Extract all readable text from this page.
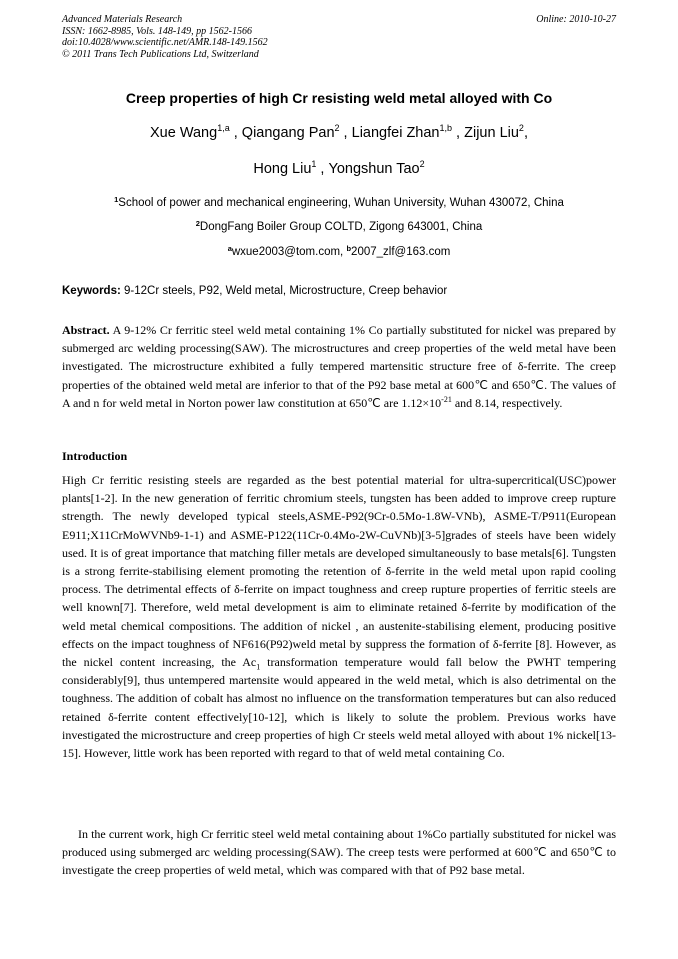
Advanced Materials Research
ISSN: 1662-8985, Vols. 148-149, pp 1562-1566
doi:10.4028/www.scientific.net/AMR.148-149.1562
© 2011 Trans Tech Publications Ltd, Switzerland
Online: 2010-10-27
Creep properties of high Cr resisting weld metal alloyed with Co
Xue Wang$^{1,a}$ , Qiangang Pan$^2$ , Liangfei Zhan$^{1,b}$ , Zijun Liu$^2$,
Hong Liu$^1$ , Yongshun Tao$^2$
$^1$School of power and mechanical engineering, Wuhan University, Wuhan 430072, China
$^2$DongFang Boiler Group COLTD, Zigong 643001, China
$^a$wxue2003@tom.com, $^b$2007_zlf@163.com
Keywords: 9-12Cr steels, P92, Weld metal, Microstructure, Creep behavior
Abstract. A 9-12% Cr ferritic steel weld metal containing 1% Co partially substituted for nickel was prepared by submerged arc welding processing(SAW). The microstructures and creep properties of the weld metal have been investigated. The microstructure exhibited a fully tempered martensitic structure free of δ-ferrite. The creep properties of the obtained weld metal are inferior to that of the P92 base metal at 600℃ and 650℃. The values of A and n for weld metal in Norton power law constitution at 650℃ are $1.12\times 10^{-21}$ and 8.14, respectively.
Introduction
High Cr ferritic resisting steels are regarded as the best potential material for ultra-supercritical(USC)power plants[1-2]. In the new generation of ferritic chromium steels, tungsten has been added to improve creep rupture strength. The newly developed typical steels,ASME-P92(9Cr-0.5Mo-1.8W-VNb), ASME-T/P911(European E911;X11CrMoWVNb9-1-1) and ASME-P122(11Cr-0.4Mo-2W-CuVNb)[3-5]grades of steels have been widely used. It is of great importance that matching filler metals are developed simultaneously to base metals[6]. Tungsten is a strong ferrite-stabilising element promoting the retention of δ-ferrite in the weld metal upon rapid cooling process. The detrimental effects of δ-ferrite on impact toughness and creep rupture properties of ferritic steels are well known[7]. Therefore, weld metal development is aim to eliminate retained δ-ferrite by modification of the weld metal chemical compositions. The addition of nickel , an austenite-stabilising element, producing positive effects on the impact toughness of NF616(P92)weld metal by suppress the formation of δ-ferrite [8]. However, as the nickel content increasing, the $Ac_1$ transformation temperature would fall below the PWHT tempering considerably[9], thus untempered martensite would appeared in the weld metal, which is also detrimental on the toughness. The addition of cobalt has almost no influence on the transformation temperatures but can also reduced retained δ-ferrite content effectively[10-12], which is likely to solute the problem. Previous works have investigated the microstructure and creep properties of high Cr steels weld metal alloyed with about 1% nickel[13-15]. However, little work has been reported with regard to that of weld metal containing Co.
In the current work, high Cr ferritic steel weld metal containing about 1%Co partially substituted for nickel was produced using submerged arc welding processing(SAW). The creep tests were performed at 600℃ and 650℃ to investigate the creep properties of weld metal, which was compared with that of P92 base metal.
